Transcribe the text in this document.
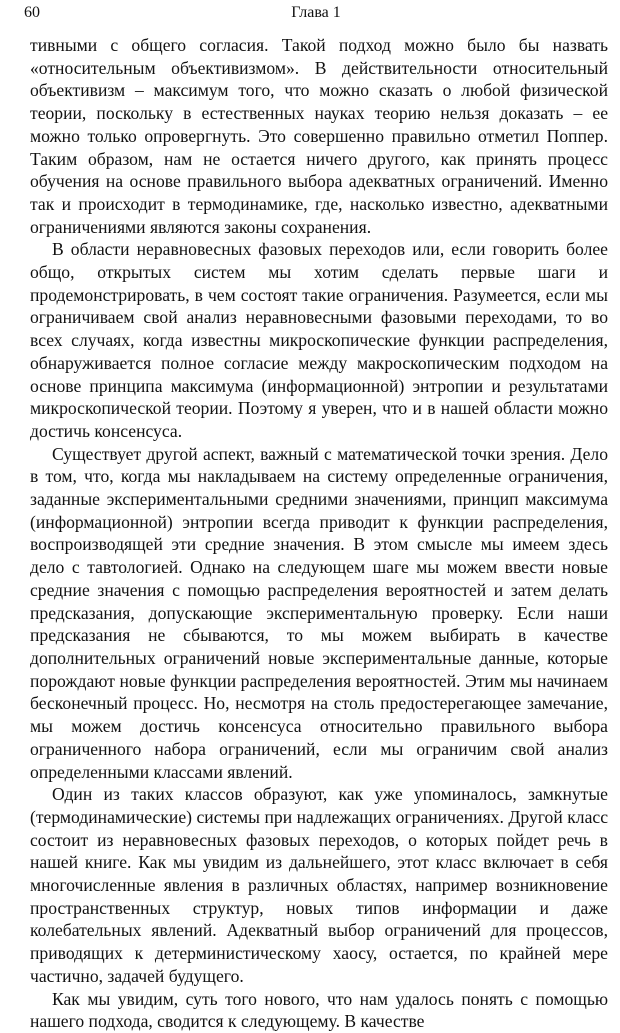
60	Глава 1

тивными с общего согласия. Такой подход можно было бы назвать «относительным объективизмом». В действительности относительный объективизм – максимум того, что можно сказать о любой физической теории, поскольку в естественных науках теорию нельзя доказать – ее можно только опровергнуть. Это совершенно правильно отметил Поппер. Таким образом, нам не остается ничего другого, как принять процесс обучения на основе правильного выбора адекватных ограничений. Именно так и происходит в термодинамике, где, насколько известно, адекватными ограничениями являются законы сохранения.

В области неравновесных фазовых переходов или, если говорить более общо, открытых систем мы хотим сделать первые шаги и продемонстрировать, в чем состоят такие ограничения. Разумеется, если мы ограничиваем свой анализ неравновесными фазовыми переходами, то во всех случаях, когда известны микроскопические функции распределения, обнаруживается полное согласие между макроскопическим подходом на основе принципа максимума (информационной) энтропии и результатами микроскопической теории. Поэтому я уверен, что и в нашей области можно достичь консенсуса.

Существует другой аспект, важный с математической точки зрения. Дело в том, что, когда мы накладываем на систему определенные ограничения, заданные экспериментальными средними значениями, принцип максимума (информационной) энтропии всегда приводит к функции распределения, воспроизводящей эти средние значения. В этом смысле мы имеем здесь дело с тавтологией. Однако на следующем шаге мы можем ввести новые средние значения с помощью распределения вероятностей и затем делать предсказания, допускающие экспериментальную проверку. Если наши предсказания не сбываются, то мы можем выбирать в качестве дополнительных ограничений новые экспериментальные данные, которые порождают новые функции распределения вероятностей. Этим мы начинаем бесконечный процесс. Но, несмотря на столь предостерегающее замечание, мы можем достичь консенсуса относительно правильного выбора ограниченного набора ограничений, если мы ограничим свой анализ определенными классами явлений.

Один из таких классов образуют, как уже упоминалось, замкнутые (термодинамические) системы при надлежащих ограничениях. Другой класс состоит из неравновесных фазовых переходов, о которых пойдет речь в нашей книге. Как мы увидим из дальнейшего, этот класс включает в себя многочисленные явления в различных областях, например возникновение пространственных структур, новых типов информации и даже колебательных явлений. Адекватный выбор ограничений для процессов, приводящих к детерминистическому хаосу, остается, по крайней мере частично, задачей будущего.

Как мы увидим, суть того нового, что нам удалось понять с помощью нашего подхода, сводится к следующему. В качестве
